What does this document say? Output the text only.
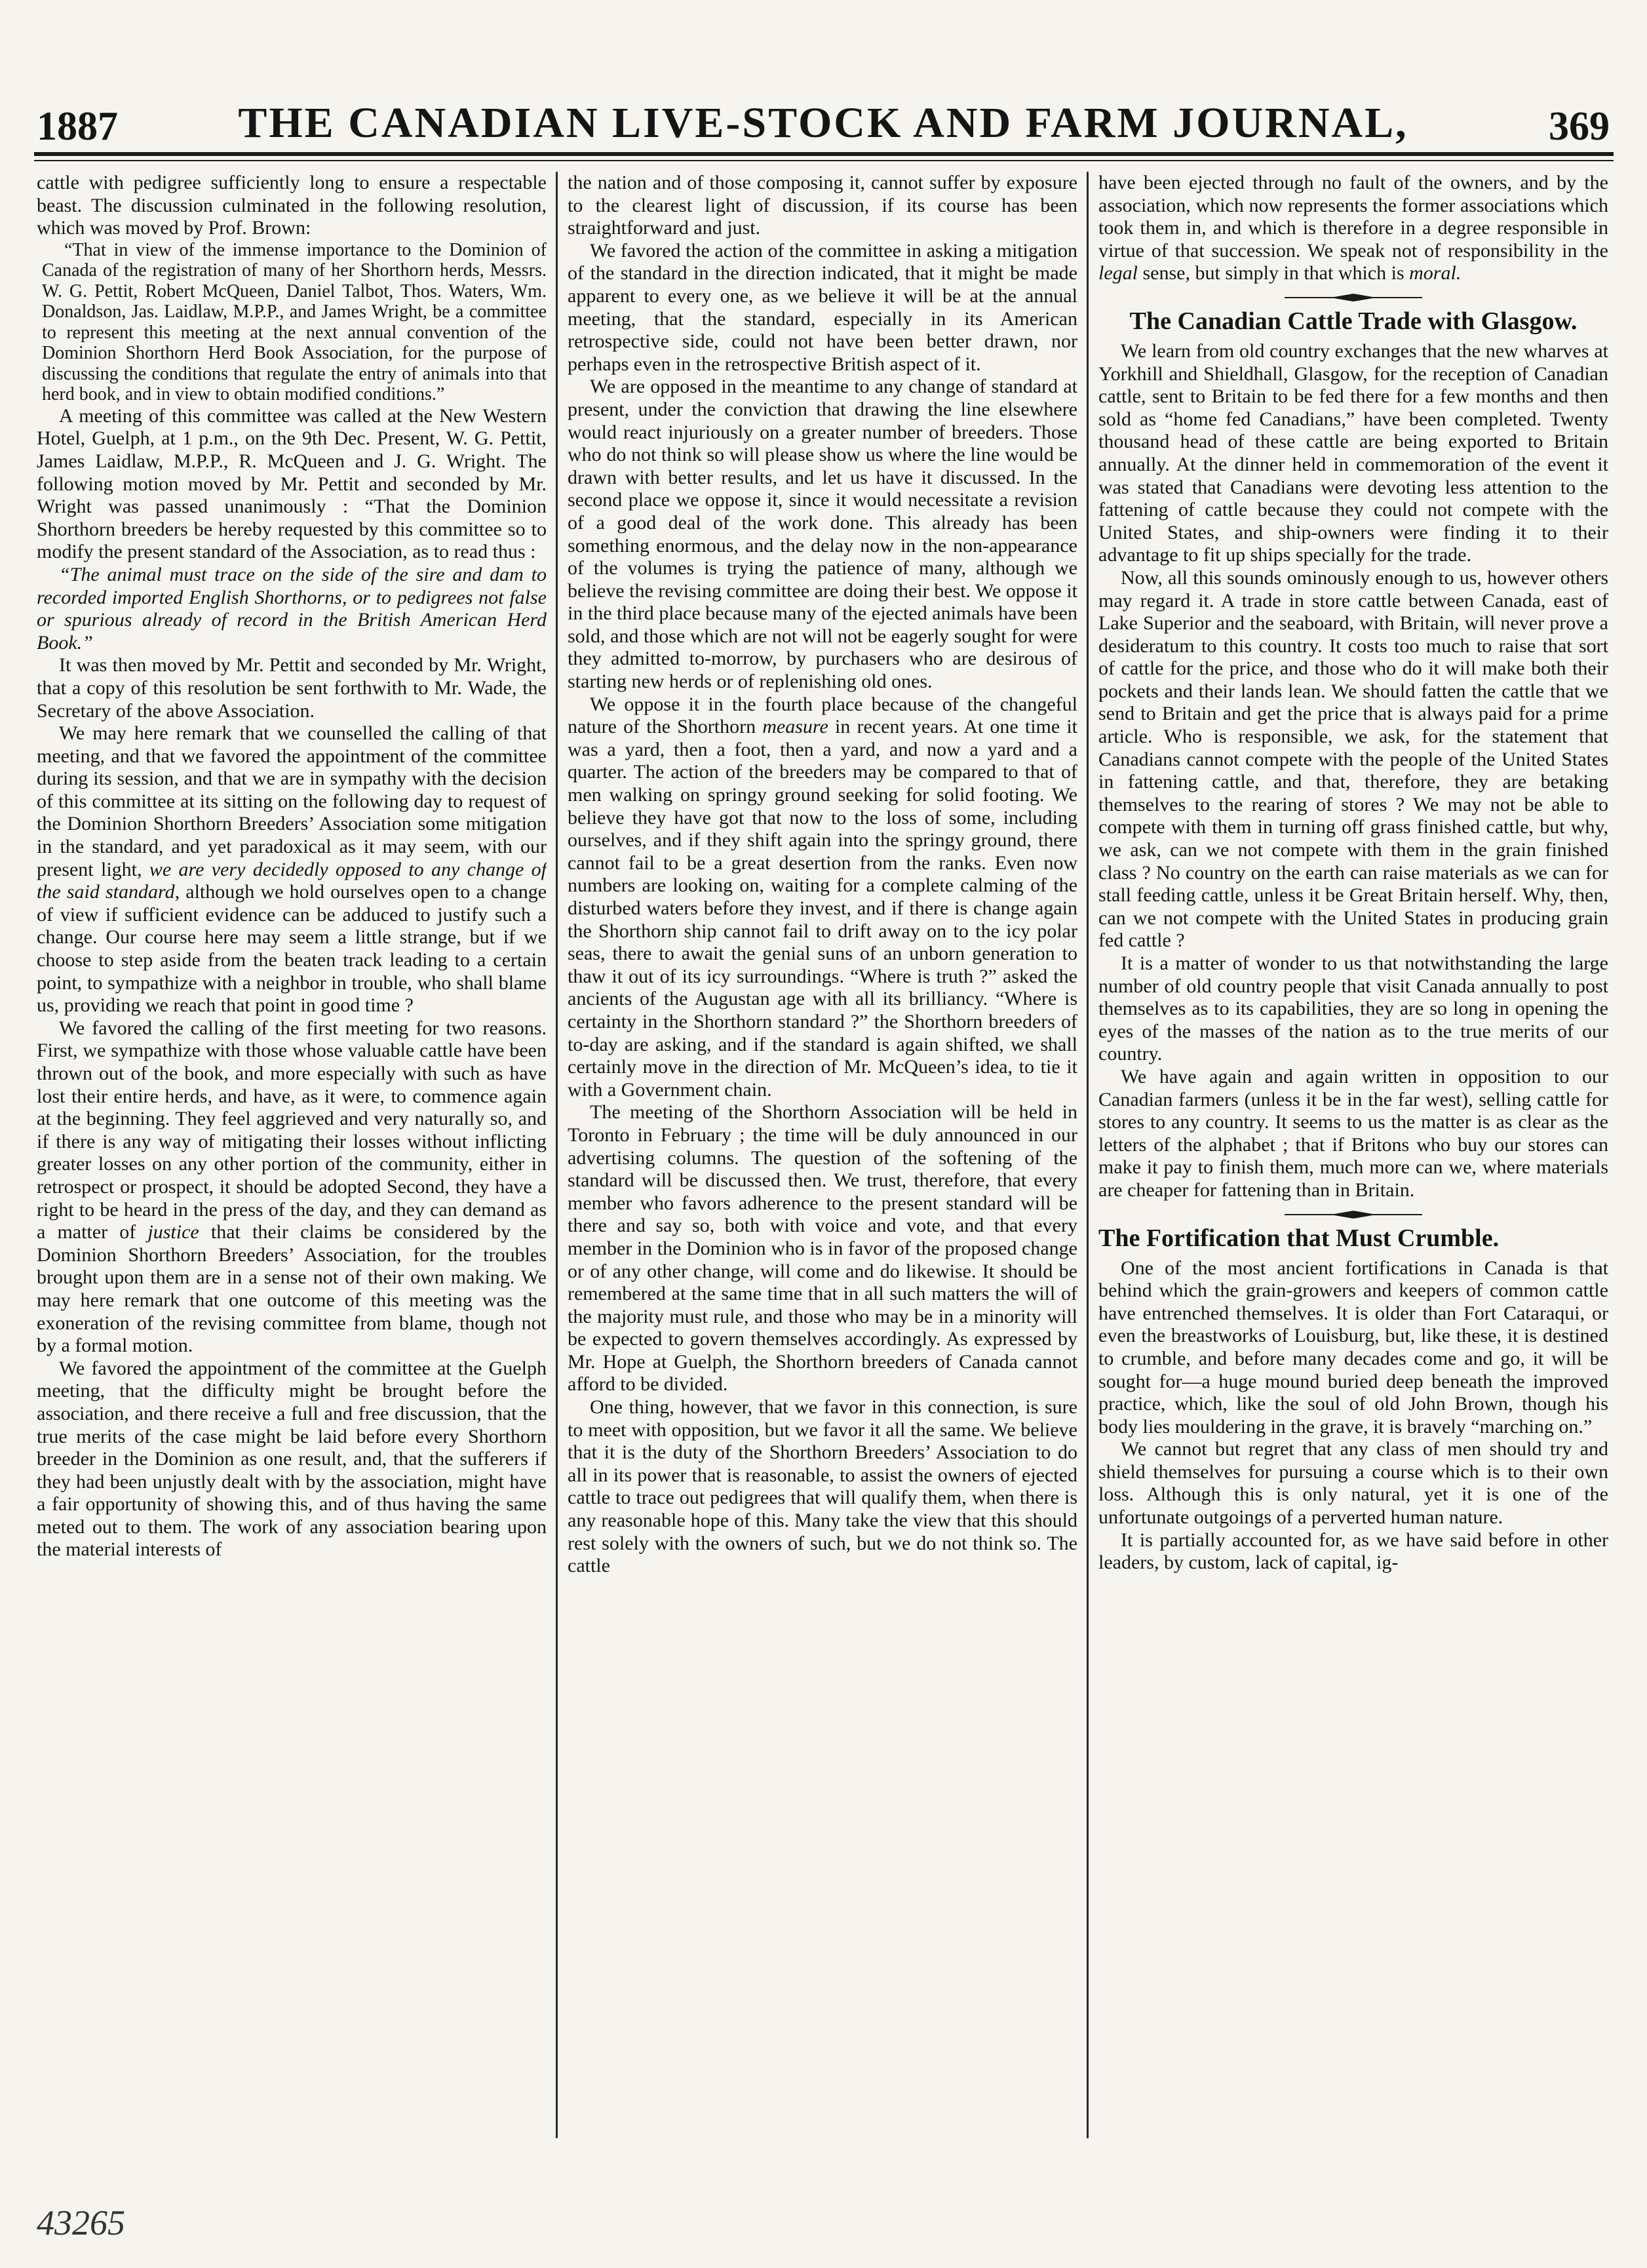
1887	THE CANADIAN LIVE-STOCK AND FARM JOURNAL,	369

cattle with pedigree sufficiently long to ensure a respectable beast. The discussion culminated in the following resolution, which was moved by Prof. Brown:

“That in view of the immense importance to the Dominion of Canada of the registration of many of her Shorthorn herds, Messrs. W. G. Pettit, Robert McQueen, Daniel Talbot, Thos. Waters, Wm. Donaldson, Jas. Laidlaw, M.P.P., and James Wright, be a committee to represent this meeting at the next annual convention of the Dominion Shorthorn Herd Book Association, for the purpose of discussing the conditions that regulate the entry of animals into that herd book, and in view to obtain modified conditions.”

A meeting of this committee was called at the New Western Hotel, Guelph, at 1 p.m., on the 9th Dec. Present, W. G. Pettit, James Laidlaw, M.P.P., R. McQueen and J. G. Wright. The following motion moved by Mr. Pettit and seconded by Mr. Wright was passed unanimously : “That the Dominion Shorthorn breeders be hereby requested by this committee so to modify the present standard of the Association, as to read thus :

“The animal must trace on the side of the sire and dam to recorded imported English Shorthorns, or to pedigrees not false or spurious already of record in the British American Herd Book.”

It was then moved by Mr. Pettit and seconded by Mr. Wright, that a copy of this resolution be sent forthwith to Mr. Wade, the Secretary of the above Association.

We may here remark that we counselled the calling of that meeting, and that we favored the appointment of the committee during its session, and that we are in sympathy with the decision of this committee at its sitting on the following day to request of the Dominion Shorthorn Breeders’ Association some mitigation in the standard, and yet paradoxical as it may seem, with our present light, we are very decidedly opposed to any change of the said standard, although we hold ourselves open to a change of view if sufficient evidence can be adduced to justify such a change. Our course here may seem a little strange, but if we choose to step aside from the beaten track leading to a certain point, to sympathize with a neighbor in trouble, who shall blame us, providing we reach that point in good time ?

We favored the calling of the first meeting for two reasons. First, we sympathize with those whose valuable cattle have been thrown out of the book, and more especially with such as have lost their entire herds, and have, as it were, to commence again at the beginning. They feel aggrieved and very naturally so, and if there is any way of mitigating their losses without inflicting greater losses on any other portion of the community, either in retrospect or prospect, it should be adopted Second, they have a right to be heard in the press of the day, and they can demand as a matter of justice that their claims be considered by the Dominion Shorthorn Breeders’ Association, for the troubles brought upon them are in a sense not of their own making. We may here remark that one outcome of this meeting was the exoneration of the revising committee from blame, though not by a formal motion.

We favored the appointment of the committee at the Guelph meeting, that the difficulty might be brought before the association, and there receive a full and free discussion, that the true merits of the case might be laid before every Shorthorn breeder in the Dominion as one result, and, that the sufferers if they had been unjustly dealt with by the association, might have a fair opportunity of showing this, and of thus having the same meted out to them. The work of any association bearing upon the material interests of

the nation and of those composing it, cannot suffer by exposure to the clearest light of discussion, if its course has been straightforward and just.

We favored the action of the committee in asking a mitigation of the standard in the direction indicated, that it might be made apparent to every one, as we believe it will be at the annual meeting, that the standard, especially in its American retrospective side, could not have been better drawn, nor perhaps even in the retrospective British aspect of it.

We are opposed in the meantime to any change of standard at present, under the conviction that drawing the line elsewhere would react injuriously on a greater number of breeders. Those who do not think so will please show us where the line would be drawn with better results, and let us have it discussed. In the second place we oppose it, since it would necessitate a revision of a good deal of the work done. This already has been something enormous, and the delay now in the non-appearance of the volumes is trying the patience of many, although we believe the revising committee are doing their best. We oppose it in the third place because many of the ejected animals have been sold, and those which are not will not be eagerly sought for were they admitted to-morrow, by purchasers who are desirous of starting new herds or of replenishing old ones.

We oppose it in the fourth place because of the changeful nature of the Shorthorn measure in recent years. At one time it was a yard, then a foot, then a yard, and now a yard and a quarter. The action of the breeders may be compared to that of men walking on springy ground seeking for solid footing. We believe they have got that now to the loss of some, including ourselves, and if they shift again into the springy ground, there cannot fail to be a great desertion from the ranks. Even now numbers are looking on, waiting for a complete calming of the disturbed waters before they invest, and if there is change again the Shorthorn ship cannot fail to drift away on to the icy polar seas, there to await the genial suns of an unborn generation to thaw it out of its icy surroundings. “Where is truth ?” asked the ancients of the Augustan age with all its brilliancy. “Where is certainty in the Shorthorn standard ?” the Shorthorn breeders of to-day are asking, and if the standard is again shifted, we shall certainly move in the direction of Mr. McQueen’s idea, to tie it with a Government chain.

The meeting of the Shorthorn Association will be held in Toronto in February ; the time will be duly announced in our advertising columns. The question of the softening of the standard will be discussed then. We trust, therefore, that every member who favors adherence to the present standard will be there and say so, both with voice and vote, and that every member in the Dominion who is in favor of the proposed change or of any other change, will come and do likewise. It should be remembered at the same time that in all such matters the will of the majority must rule, and those who may be in a minority will be expected to govern themselves accordingly. As expressed by Mr. Hope at Guelph, the Shorthorn breeders of Canada cannot afford to be divided.

One thing, however, that we favor in this connection, is sure to meet with opposition, but we favor it all the same. We believe that it is the duty of the Shorthorn Breeders’ Association to do all in its power that is reasonable, to assist the owners of ejected cattle to trace out pedigrees that will qualify them, when there is any reasonable hope of this. Many take the view that this should rest solely with the owners of such, but we do not think so. The cattle

have been ejected through no fault of the owners, and by the association, which now represents the former associations which took them in, and which is therefore in a degree responsible in virtue of that succession. We speak not of responsibility in the legal sense, but simply in that which is moral.

The Canadian Cattle Trade with Glasgow.

We learn from old country exchanges that the new wharves at Yorkhill and Shieldhall, Glasgow, for the reception of Canadian cattle, sent to Britain to be fed there for a few months and then sold as “home fed Canadians,” have been completed. Twenty thousand head of these cattle are being exported to Britain annually. At the dinner held in commemoration of the event it was stated that Canadians were devoting less attention to the fattening of cattle because they could not compete with the United States, and ship-owners were finding it to their advantage to fit up ships specially for the trade.

Now, all this sounds ominously enough to us, however others may regard it. A trade in store cattle between Canada, east of Lake Superior and the seaboard, with Britain, will never prove a desideratum to this country. It costs too much to raise that sort of cattle for the price, and those who do it will make both their pockets and their lands lean. We should fatten the cattle that we send to Britain and get the price that is always paid for a prime article. Who is responsible, we ask, for the statement that Canadians cannot compete with the people of the United States in fattening cattle, and that, therefore, they are betaking themselves to the rearing of stores ? We may not be able to compete with them in turning off grass finished cattle, but why, we ask, can we not compete with them in the grain finished class ? No country on the earth can raise materials as we can for stall feeding cattle, unless it be Great Britain herself. Why, then, can we not compete with the United States in producing grain fed cattle ?

It is a matter of wonder to us that notwithstanding the large number of old country people that visit Canada annually to post themselves as to its capabilities, they are so long in opening the eyes of the masses of the nation as to the true merits of our country.

We have again and again written in opposition to our Canadian farmers (unless it be in the far west), selling cattle for stores to any country. It seems to us the matter is as clear as the letters of the alphabet ; that if Britons who buy our stores can make it pay to finish them, much more can we, where materials are cheaper for fattening than in Britain.

The Fortification that Must Crumble.

One of the most ancient fortifications in Canada is that behind which the grain-growers and keepers of common cattle have entrenched themselves. It is older than Fort Cataraqui, or even the breastworks of Louisburg, but, like these, it is destined to crumble, and before many decades come and go, it will be sought for—a huge mound buried deep beneath the improved practice, which, like the soul of old John Brown, though his body lies mouldering in the grave, it is bravely “marching on.”

We cannot but regret that any class of men should try and shield themselves for pursuing a course which is to their own loss. Although this is only natural, yet it is one of the unfortunate outgoings of a perverted human nature.

It is partially accounted for, as we have said before in other leaders, by custom, lack of capital, ig-

43265
